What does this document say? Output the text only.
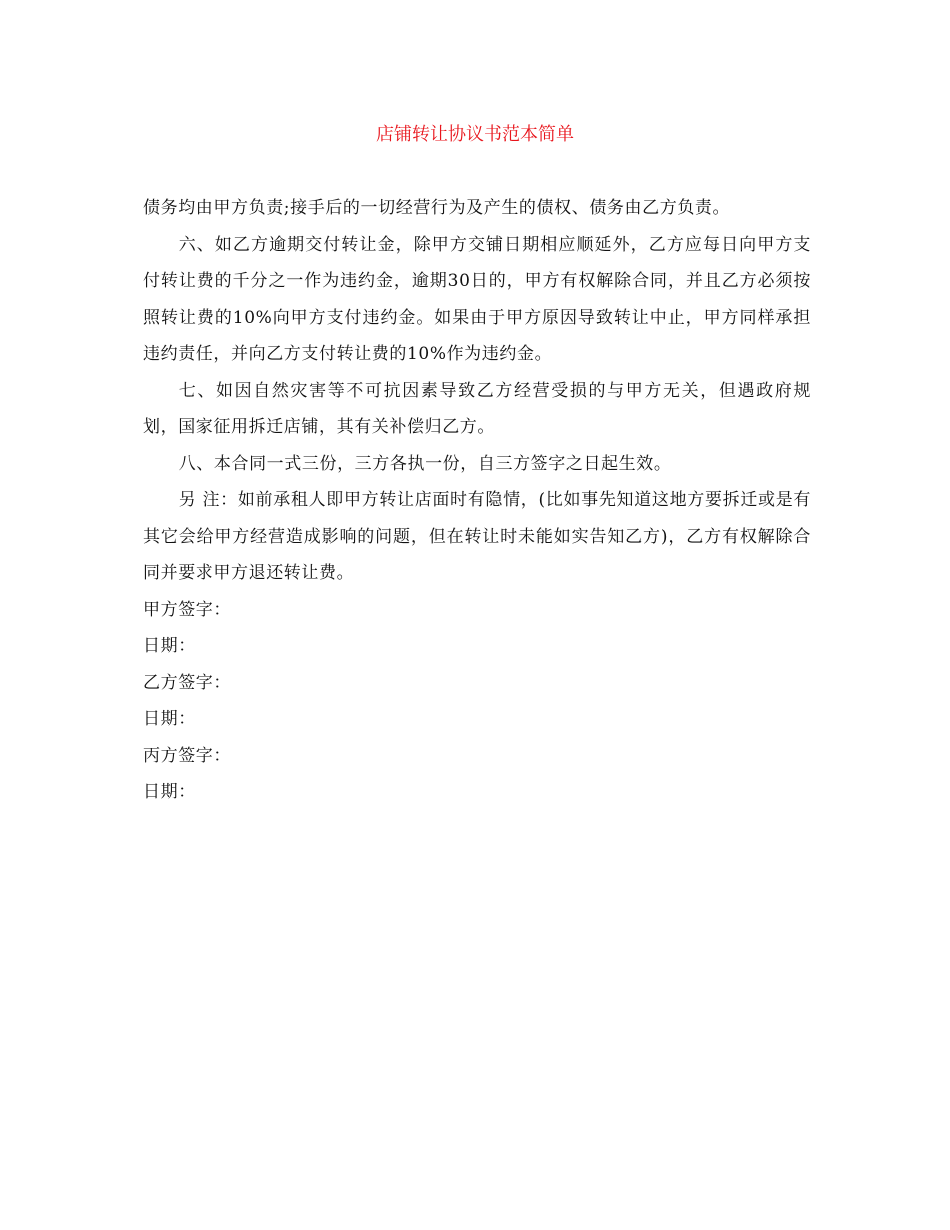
店铺转让协议书范本简单

债务均由甲方负责;接手后的一切经营行为及产生的债权、债务由乙方负责。

六、如乙方逾期交付转让金，除甲方交铺日期相应顺延外，乙方应每日向甲方支付转让费的千分之一作为违约金，逾期30日的，甲方有权解除合同，并且乙方必须按照转让费的10%向甲方支付违约金。如果由于甲方原因导致转让中止，甲方同样承担违约责任，并向乙方支付转让费的10%作为违约金。

七、如因自然灾害等不可抗因素导致乙方经营受损的与甲方无关，但遇政府规划，国家征用拆迁店铺，其有关补偿归乙方。

八、本合同一式三份，三方各执一份，自三方签字之日起生效。

另 注：如前承租人即甲方转让店面时有隐情，(比如事先知道这地方要拆迁或是有其它会给甲方经营造成影响的问题，但在转让时未能如实告知乙方)，乙方有权解除合同并要求甲方退还转让费。

甲方签字：

日期：

乙方签字：

日期：

丙方签字：

日期：
